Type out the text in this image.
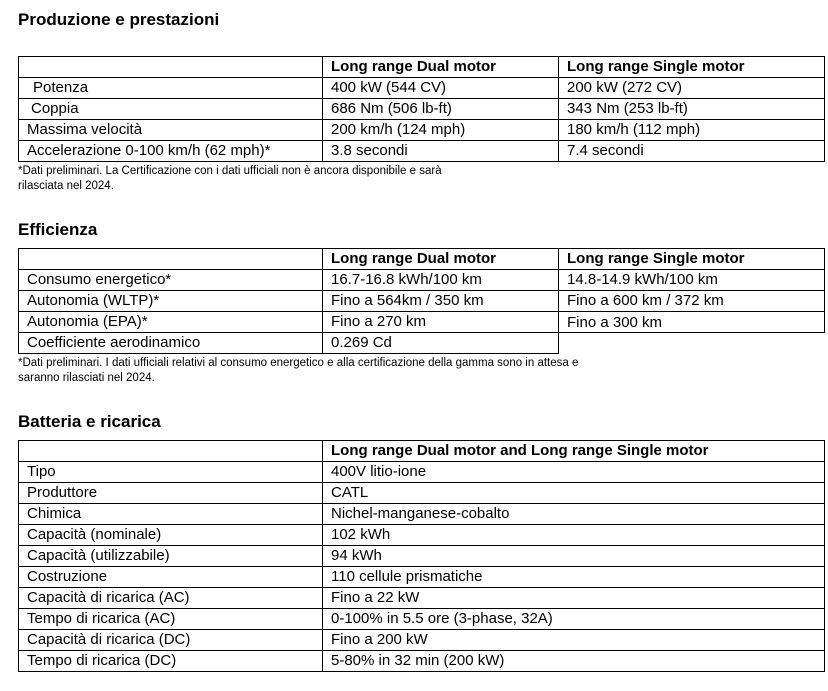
Produzione e prestazioni
	Long range Dual motor	Long range Single motor
Potenza	400 kW (544 CV)	200 kW (272 CV)
Coppia	686 Nm (506 lb-ft)	343 Nm (253 lb-ft)
Massima velocità	200 km/h (124 mph)	180 km/h (112 mph)
Accelerazione 0-100 km/h (62 mph)*	3.8 secondi	7.4 secondi

*Dati preliminari. La Certificazione con i dati ufficiali non è ancora disponibile e sarà
rilasciata nel 2024.

Efficienza
	Long range Dual motor	Long range Single motor
Consumo energetico*	16.7-16.8 kWh/100 km	14.8-14.9 kWh/100 km
Autonomia (WLTP)*	Fino a 564km / 350 km	Fino a 600 km / 372 km
Autonomia (EPA)*	Fino a 270 km	Fino a 300 km
Coefficiente aerodinamico	0.269 Cd	

*Dati preliminari. I dati ufficiali relativi al consumo energetico e alla certificazione della gamma sono in attesa e
saranno rilasciati nel 2024.

Batteria e ricarica
	Long range Dual motor and Long range Single motor
Tipo	400V litio-ione
Produttore	CATL
Chimica	Nichel-manganese-cobalto
Capacità (nominale)	102 kWh
Capacità (utilizzabile)	94 kWh
Costruzione	110 cellule prismatiche
Capacità di ricarica (AC)	Fino a 22 kW
Tempo di ricarica (AC)	0-100% in 5.5 ore (3-phase, 32A)
Capacità di ricarica (DC)	Fino a 200 kW
Tempo di ricarica (DC)	5-80% in 32 min (200 kW)
